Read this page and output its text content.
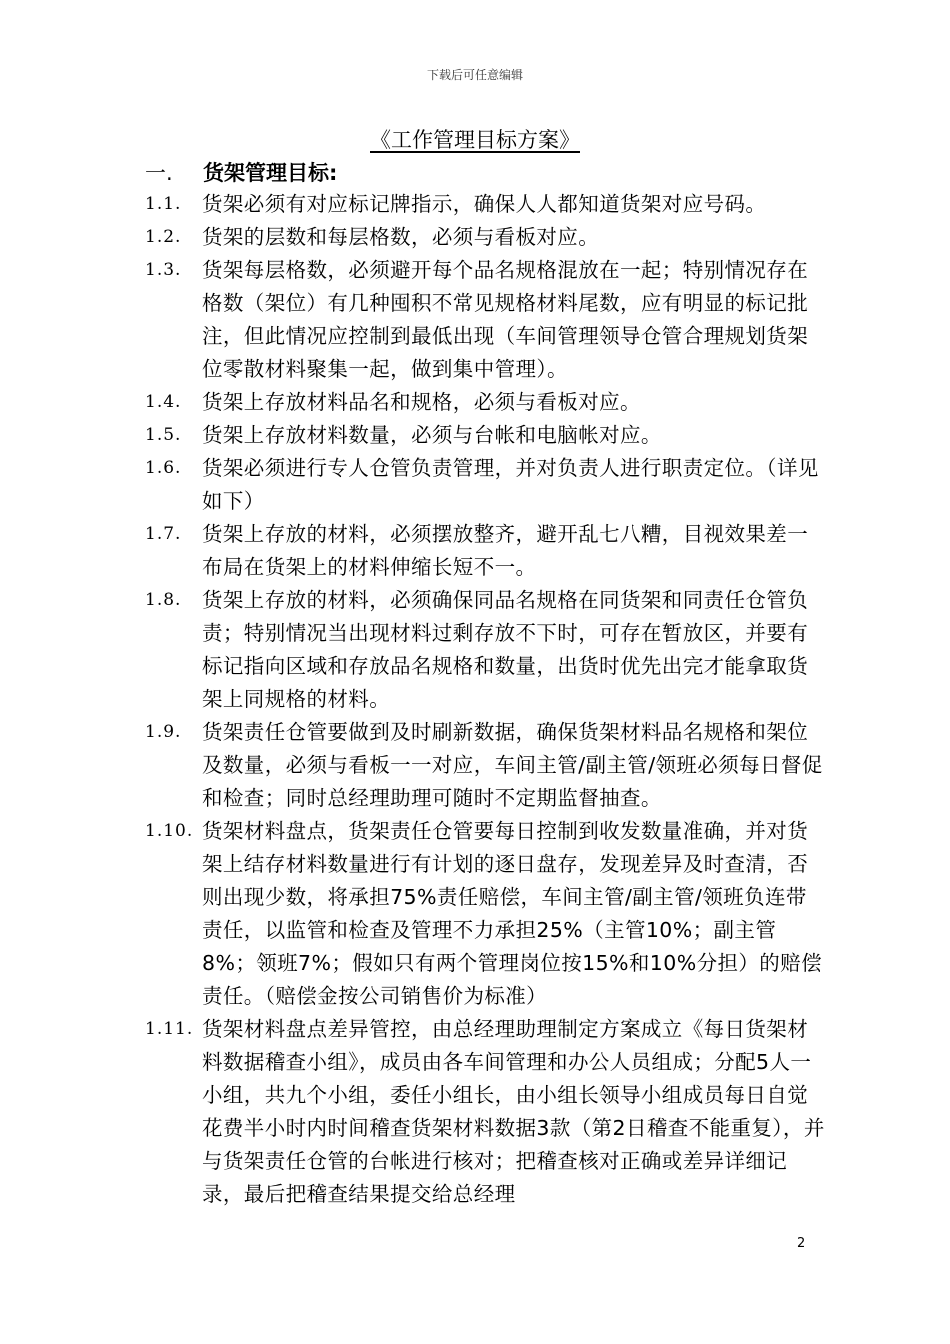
下载后可任意编辑
《工作管理目标方案》
一. 货架管理目标:

1.1. 货架必须有对应标记牌指示，确保人人都知道货架对应号码。

1.2. 货架的层数和每层格数，必须与看板对应。

1.3. 货架每层格数，必须避开每个品名规格混放在一起；特别情况存在格数（架位）有几种囤积不常见规格材料尾数，应有明显的标记批注，但此情况应控制到最低出现（车间管理领导仓管合理规划货架位零散材料聚集一起，做到集中管理）。

1.4. 货架上存放材料品名和规格，必须与看板对应。

1.5. 货架上存放材料数量，必须与台帐和电脑帐对应。

1.6. 货架必须进行专人仓管负责管理，并对负责人进行职责定位。（详见如下）

1.7. 货架上存放的材料，必须摆放整齐，避开乱七八糟，目视效果差一布局在货架上的材料伸缩长短不一。

1.8. 货架上存放的材料，必须确保同品名规格在同货架和同责任仓管负责；特别情况当出现材料过剩存放不下时，可存在暂放区，并要有标记指向区域和存放品名规格和数量，出货时优先出完才能拿取货架上同规格的材料。

1.9. 货架责任仓管要做到及时刷新数据，确保货架材料品名规格和架位及数量，必须与看板一一对应，车间主管/副主管/领班必须每日督促和检查；同时总经理助理可随时不定期监督抽查。

1.10. 货架材料盘点，货架责任仓管要每日控制到收发数量准确，并对货架上结存材料数量进行有计划的逐日盘存，发现差异及时查清，否则出现少数，将承担75%责任赔偿，车间主管/副主管/领班负连带责任，以监管和检查及管理不力承担25%（主管10%；副主管8%；领班7%；假如只有两个管理岗位按15%和10%分担）的赔偿责任。（赔偿金按公司销售价为标准）

1.11. 货架材料盘点差异管控，由总经理助理制定方案成立《每日货架材料数据稽查小组》，成员由各车间管理和办公人员组成；分配5人一小组，共九个小组，委任小组长，由小组长领导小组成员每日自觉花费半小时内时间稽查货架材料数据3款（第2日稽查不能重复），并与货架责任仓管的台帐进行核对；把稽查核对正确或差异详细记录，最后把稽查结果提交给总经理

2
